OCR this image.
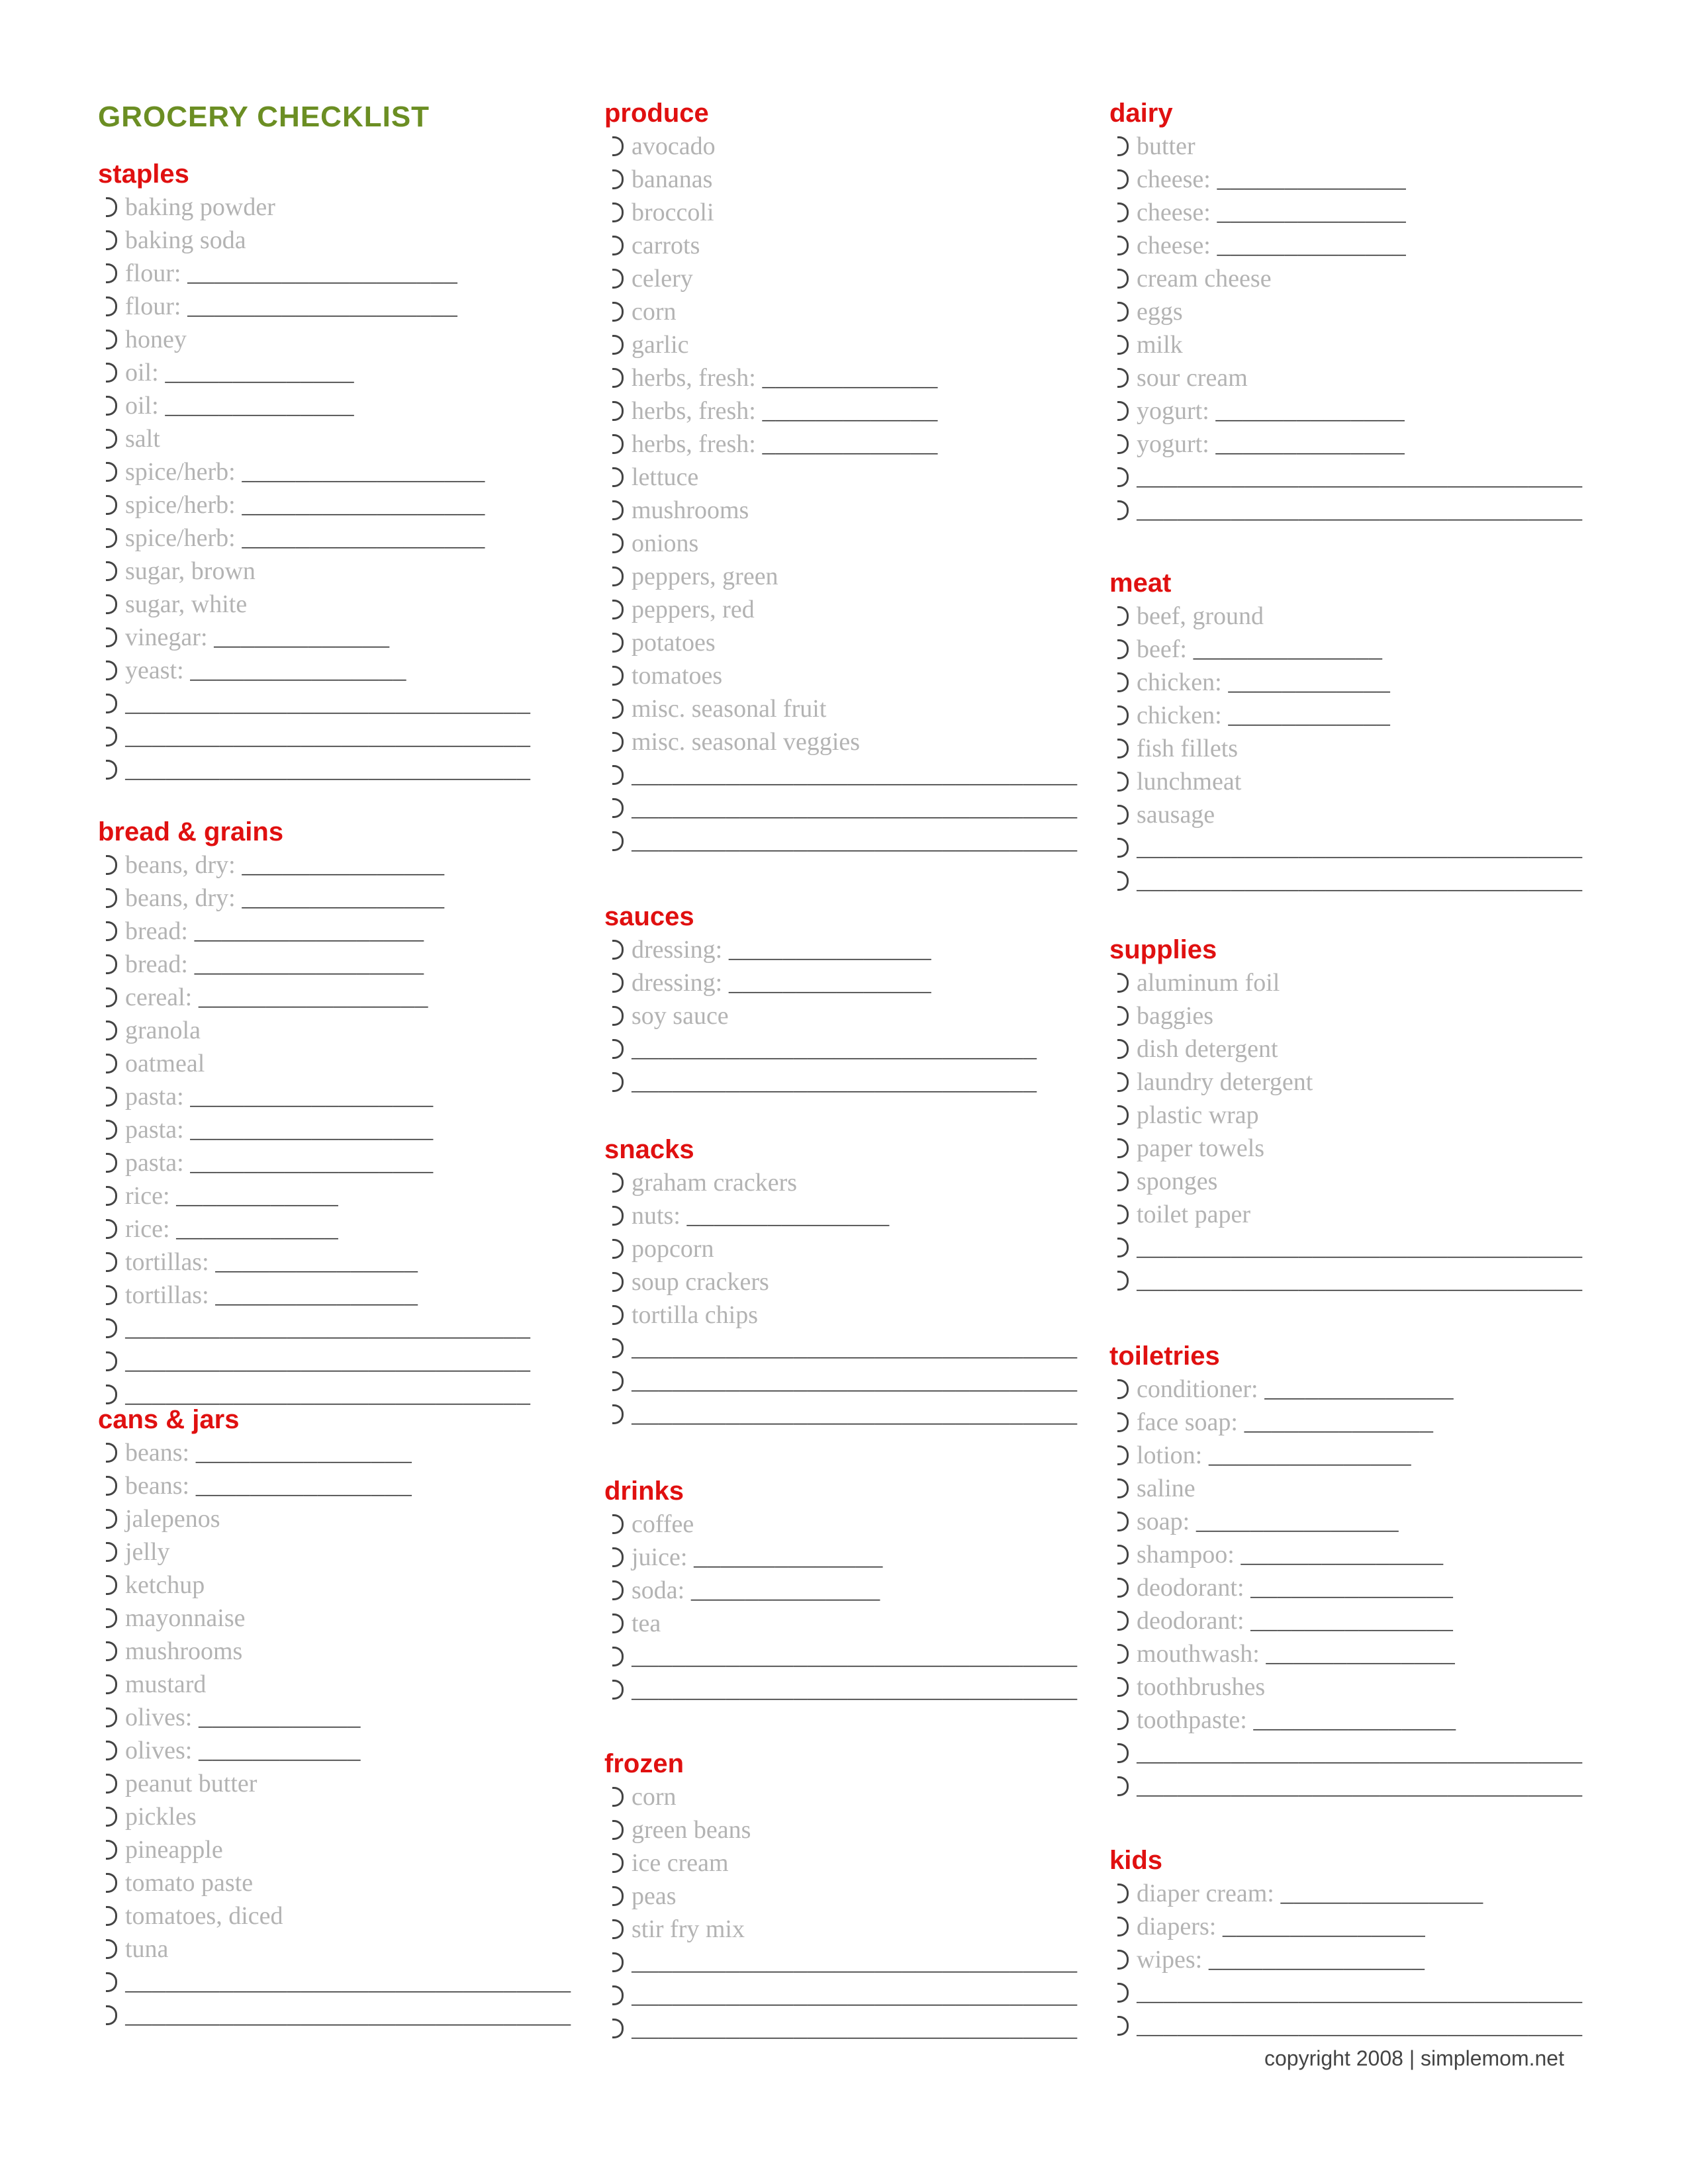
GROCERY CHECKLIST
staples
baking powder
baking soda
flour: ____________________
flour: ____________________
honey
oil: ______________
oil: ______________
salt
spice/herb: __________________
spice/herb: __________________
spice/herb: __________________
sugar, brown
sugar, white
vinegar: _____________
yeast: ________________
______________________________
______________________________
______________________________
bread & grains
beans, dry: _______________
beans, dry: _______________
bread: _________________
bread: _________________
cereal: _________________
granola
oatmeal
pasta: __________________
pasta: __________________
pasta: __________________
rice: ____________
rice: ____________
tortillas: _______________
tortillas: _______________
______________________________
______________________________
______________________________
cans & jars
beans: ________________
beans: ________________
jalepenos
jelly
ketchup
mayonnaise
mushrooms
mustard
olives: ____________
olives: ____________
peanut butter
pickles
pineapple
tomato paste
tomatoes, diced
tuna
_________________________________
_________________________________
produce
avocado
bananas
broccoli
carrots
celery
corn
garlic
herbs, fresh: _____________
herbs, fresh: _____________
herbs, fresh: _____________
lettuce
mushrooms
onions
peppers, green
peppers, red
potatoes
tomatoes
misc. seasonal fruit
misc. seasonal veggies
_________________________________
_________________________________
_________________________________
sauces
dressing: _______________
dressing: _______________
soy sauce
______________________________
______________________________
snacks
graham crackers
nuts: _______________
popcorn
soup crackers
tortilla chips
_________________________________
_________________________________
_________________________________
drinks
coffee
juice: ______________
soda: ______________
tea
_________________________________
_________________________________
frozen
corn
green beans
ice cream
peas
stir fry mix
_________________________________
_________________________________
_________________________________
dairy
butter
cheese: ______________
cheese: ______________
cheese: ______________
cream cheese
eggs
milk
sour cream
yogurt: ______________
yogurt: ______________
_________________________________
_________________________________
meat
beef, ground
beef: ______________
chicken: ____________
chicken: ____________
fish fillets
lunchmeat
sausage
_________________________________
_________________________________
supplies
aluminum foil
baggies
dish detergent
laundry detergent
plastic wrap
paper towels
sponges
toilet paper
_________________________________
_________________________________
toiletries
conditioner: ______________
face soap: ______________
lotion: _______________
saline
soap: _______________
shampoo: _______________
deodorant: _______________
deodorant: _______________
mouthwash: ______________
toothbrushes
toothpaste: _______________
_________________________________
_________________________________
kids
diaper cream: _______________
diapers: _______________
wipes: ________________
_________________________________
_________________________________
copyright 2008 | simplemom.net
